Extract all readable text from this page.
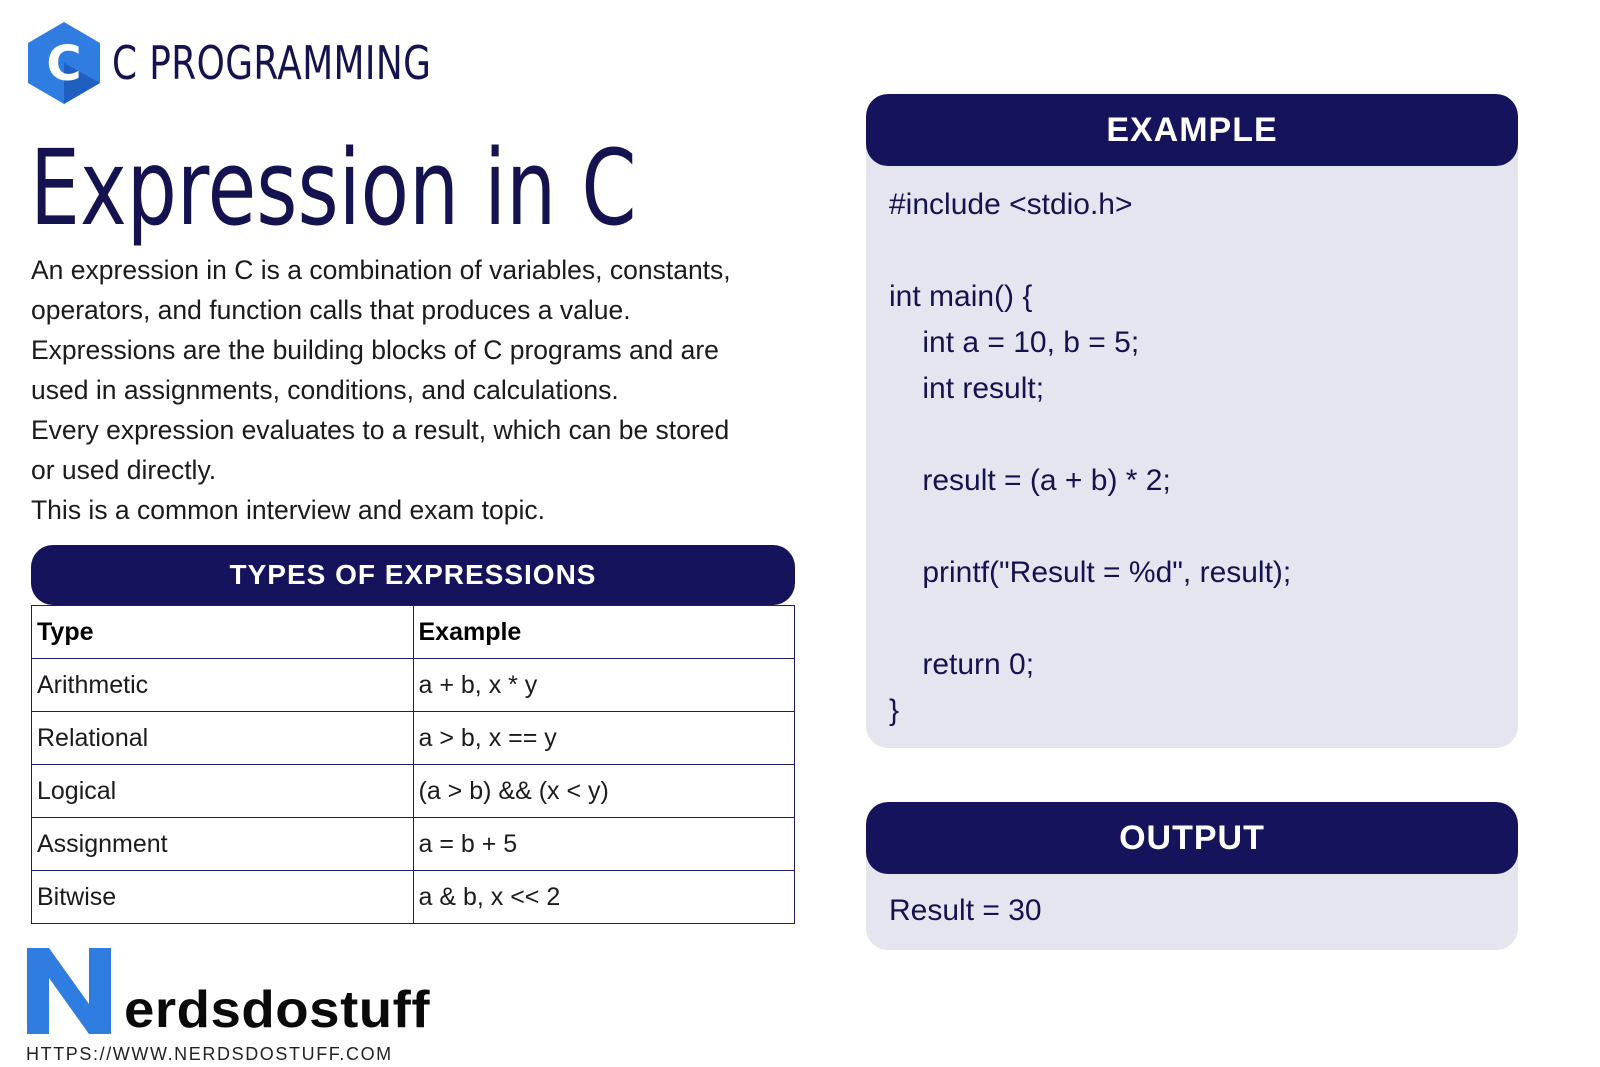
C C PROGRAMMING
Expression in C

An expression in C is a combination of variables, constants,

operators, and function calls that produces a value.

Expressions are the building blocks of C programs and are

used in assignments, conditions, and calculations.

Every expression evaluates to a result, which can be stored

or used directly.

This is a common interview and exam topic.

TYPES OF EXPRESSIONS
Type	Example
Arithmetic	a + b, x * y
Relational	a > b, x == y
Logical	(a > b) && (x < y)
Assignment	a = b + 5
Bitwise	a & b, x << 2
EXAMPLE
#include <stdio.h>
int main() {
int a = 10, b = 5;
int result;
result = (a + b) * 2;
printf("Result = %d", result);
return 0;
}
OUTPUT
Result = 30
erdsdostuff
HTTPS://WWW.NERDSDOSTUFF.COM
